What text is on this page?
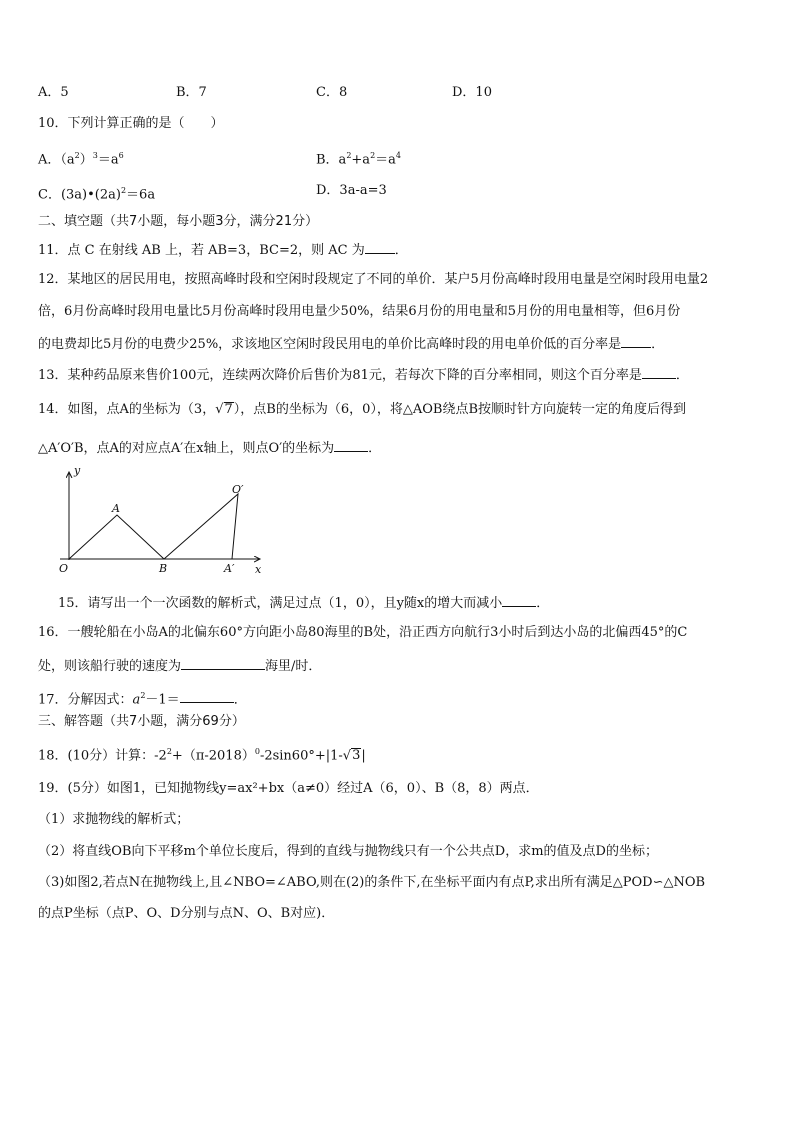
A．5	B．7	C．8	D．10
10．下列计算正确的是（　　）
A．$(a^2)^3=a^6$	B．$a^2+a^2=a^4$
C．$(3a)•(2a)^2=6a$	D．3a-a=3
二、填空题（共7小题，每小题3分，满分21分）
11．点 C 在射线 AB 上，若 AB=3，BC=2，则 AC 为 ．
12．某地区的居民用电，按照高峰时段和空闲时段规定了不同的单价．某户5月份高峰时段用电量是空闲时段用电量2
倍，6月份高峰时段用电量比5月份高峰时段用电量少50%，结果6月份的用电量和5月份的用电量相等，但6月份
的电费却比5月份的电费少25%，求该地区空闲时段民用电的单价比高峰时段的用电单价低的百分率是 ．
13．某种药品原来售价100元，连续两次降价后售价为81元，若每次下降的百分率相同，则这个百分率是	．
14．如图，点A的坐标为（3，√7），点B的坐标为（6，0），将△AOB绕点B按顺时针方向旋转一定的角度后得到
△A′O′B，点A的对应点A′在x轴上，则点O′的坐标为	．
y
A
O′
O	B	A′ x
15．请写出一个一次函数的解析式，满足过点（1，0），且y随x的增大而减小	．
16．一艘轮船在小岛A的北偏东60°方向距小岛80海里的B处，沿正西方向航行3小时后到达小岛的北偏西45°的C
处，则该船行驶的速度为	海里/时．
17．分解因式：$a^2-1=$	．
三、解答题（共7小题，满分69分）
18．(10分）计算：$-2^2+(\pi-2018)^0-2\sin 60^\circ+|1-√3|$
19．(5分）如图1，已知抛物线y=ax²+bx（a≠0）经过A（6，0）、B（8，8）两点．
（1）求抛物线的解析式；
（2）将直线OB向下平移m个单位长度后，得到的直线与抛物线只有一个公共点D，求m的值及点D的坐标；
（3)如图2,若点N在抛物线上,且∠NBO=∠ABO,则在(2)的条件下,在坐标平面内有点P,求出所有满足△POD∽△NOB
的点P坐标（点P、O、D分别与点N、O、B对应)．
